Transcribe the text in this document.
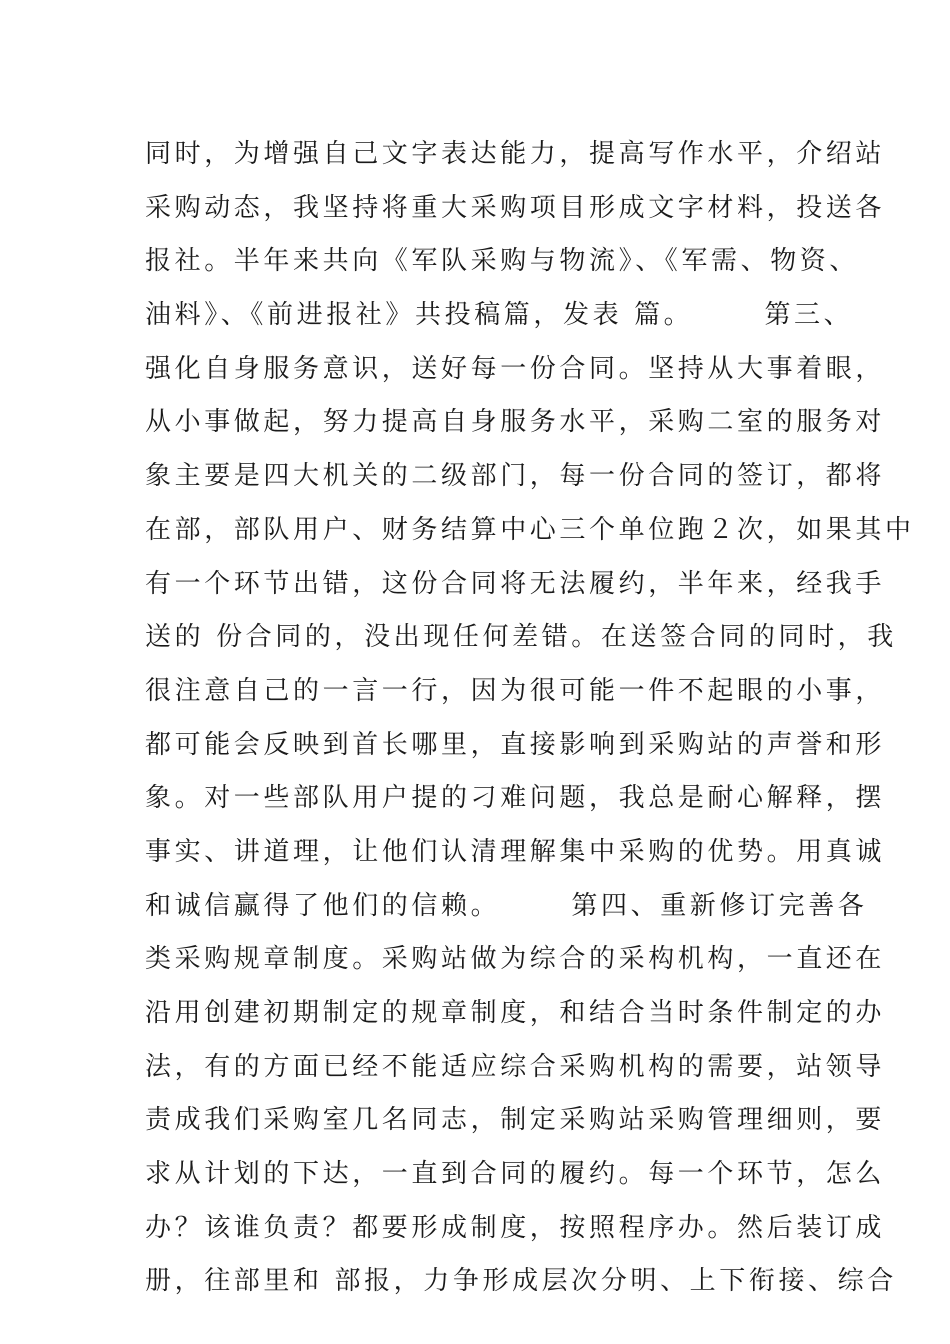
同时，为增强自己文字表达能力，提高写作水平，介绍站
采购动态，我坚持将重大采购项目形成文字材料，投送各
报社。半年来共向《军队采购与物流》、《军需、物资、
油料》、《前进报社》共投稿篇，发表 篇。      第三、
强化自身服务意识，送好每一份合同。坚持从大事着眼，
从小事做起，努力提高自身服务水平，采购二室的服务对
象主要是四大机关的二级部门，每一份合同的签订，都将
在部，部队用户、财务结算中心三个单位跑２次，如果其中
有一个环节出错，这份合同将无法履约，半年来，经我手
送的 份合同的，没出现任何差错。在送签合同的同时，我
很注意自己的一言一行，因为很可能一件不起眼的小事，
都可能会反映到首长哪里，直接影响到采购站的声誉和形
象。对一些部队用户提的刁难问题，我总是耐心解释，摆
事实、讲道理，让他们认清理解集中采购的优势。用真诚
和诚信赢得了他们的信赖。      第四、重新修订完善各
类采购规章制度。采购站做为综合的采构机构，一直还在
沿用创建初期制定的规章制度，和结合当时条件制定的办
法，有的方面已经不能适应综合采购机构的需要，站领导
责成我们采购室几名同志，制定采购站采购管理细则，要
求从计划的下达，一直到合同的履约。每一个环节，怎么
办？该谁负责？都要形成制度，按照程序办。然后装订成
册，往部里和 部报，力争形成层次分明、上下衔接、综合
